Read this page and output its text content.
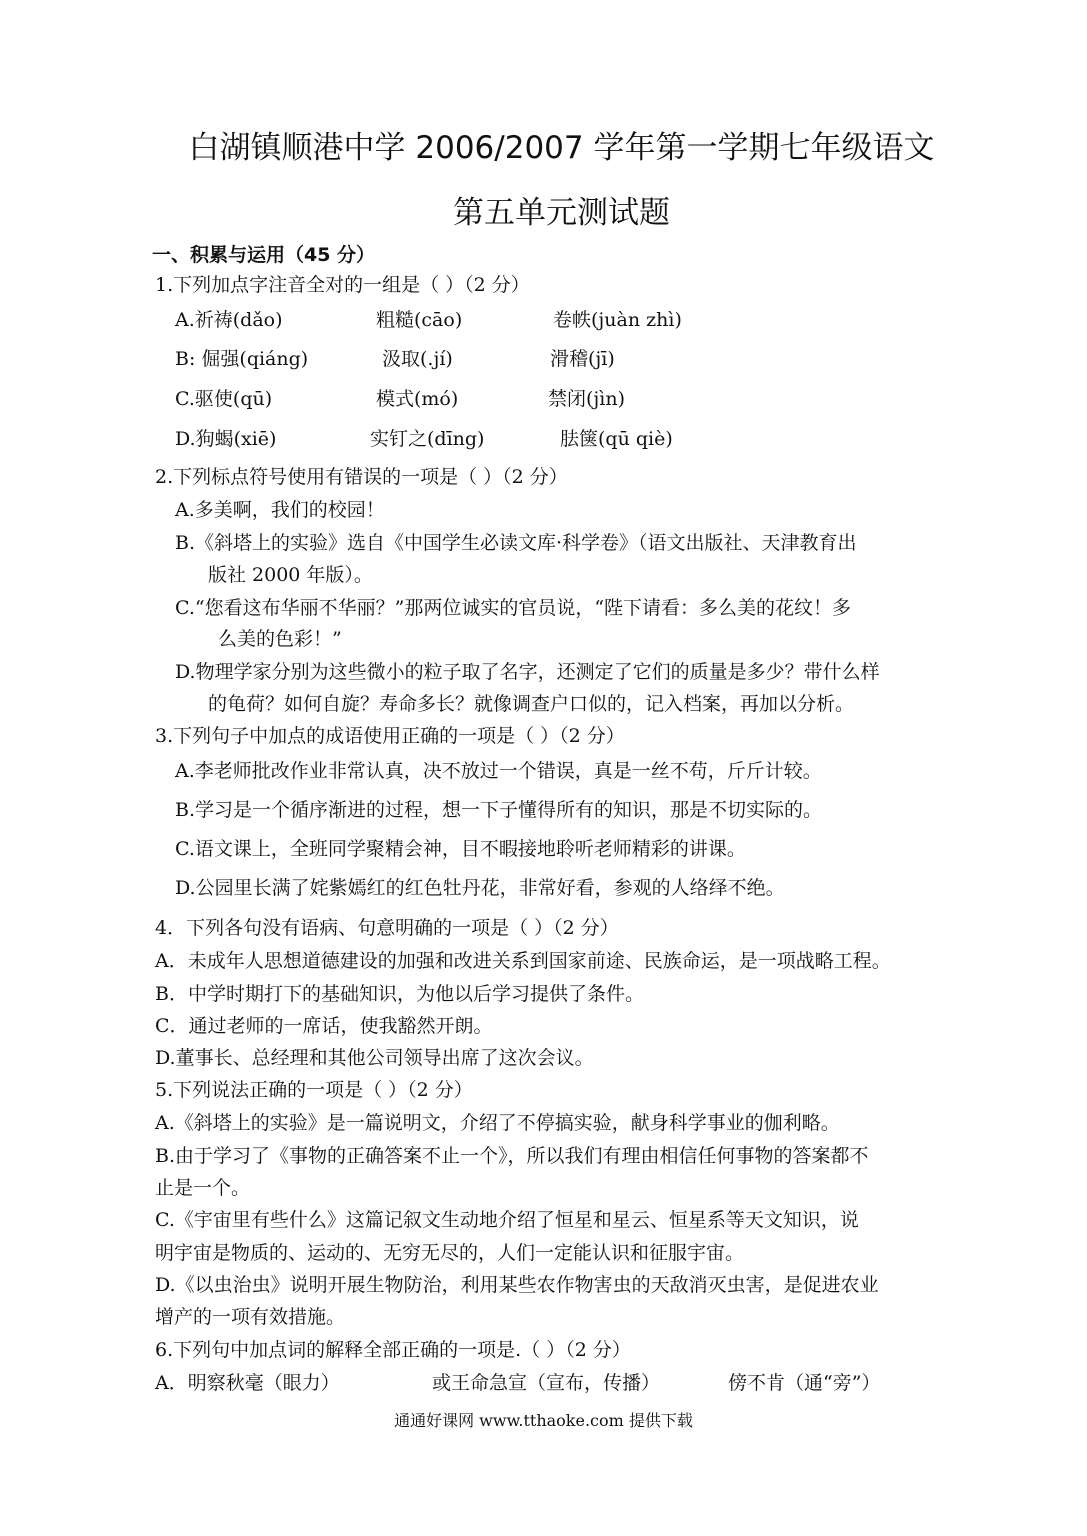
白湖镇顺港中学 2006/2007 学年第一学期七年级语文
第五单元测试题
一、积累与运用（45 分）
1.下列加点字注音全对的一组是（ ）（2 分）
A.祈祷(dǎo)	粗糙(cāo)	卷帙(juàn zhì)
B: 倔强(qiáng)	汲取(.jí)	滑稽(jī)
C.驱使(qū)	模式(mó)	禁闭(jìn)
D.狗蝎(xiē)	实钉之(dīng)	胠箧(qū qiè)
2.下列标点符号使用有错误的一项是（ ）（2 分）
A.多美啊，我们的校园！
B.《斜塔上的实验》选自《中国学生必读文库·科学卷》（语文出版社、天津教育出
版社 2000 年版）。
C.“您看这布华丽不华丽？”那两位诚实的官员说，“陛下请看：多么美的花纹！多
么美的色彩！”
D.物理学家分别为这些微小的粒子取了名字，还测定了它们的质量是多少？带什么样
的龟荷？如何自旋？寿命多长？就像调查户口似的，记入档案，再加以分析。
3.下列句子中加点的成语使用正确的一项是（ ）（2 分）
A.李老师批改作业非常认真，决不放过一个错误，真是一丝不苟，斤斤计较。
B.学习是一个循序渐进的过程，想一下子懂得所有的知识，那是不切实际的。
C.语文课上，全班同学聚精会神，目不暇接地聆听老师精彩的讲课。
D.公园里长满了姹紫嫣红的红色牡丹花，非常好看，参观的人络绎不绝。
4．下列各句没有语病、句意明确的一项是（ ）（2 分）
A．未成年人思想道德建设的加强和改进关系到国家前途、民族命运，是一项战略工程。
B．中学时期打下的基础知识，为他以后学习提供了条件。
C．通过老师的一席话，使我豁然开朗。
D.董事长、总经理和其他公司领导出席了这次会议。
5.下列说法正确的一项是（ ）（2 分）
A.《斜塔上的实验》是一篇说明文，介绍了不停搞实验，献身科学事业的伽利略。
B.由于学习了《事物的正确答案不止一个》，所以我们有理由相信任何事物的答案都不
止是一个。
C.《宇宙里有些什么》这篇记叙文生动地介绍了恒星和星云、恒星系等天文知识，说
明宇宙是物质的、运动的、无穷无尽的，人们一定能认识和征服宇宙。
D.《以虫治虫》说明开展生物防治，利用某些农作物害虫的天敌消灭虫害，是促进农业
增产的一项有效措施。
6.下列句中加点词的解释全部正确的一项是.（ ）（2 分）
A．明察秋毫（眼力）	或王命急宣（宣布，传播）	傍不肯（通“旁”）
通通好课网 www.tthaoke.com 提供下载
